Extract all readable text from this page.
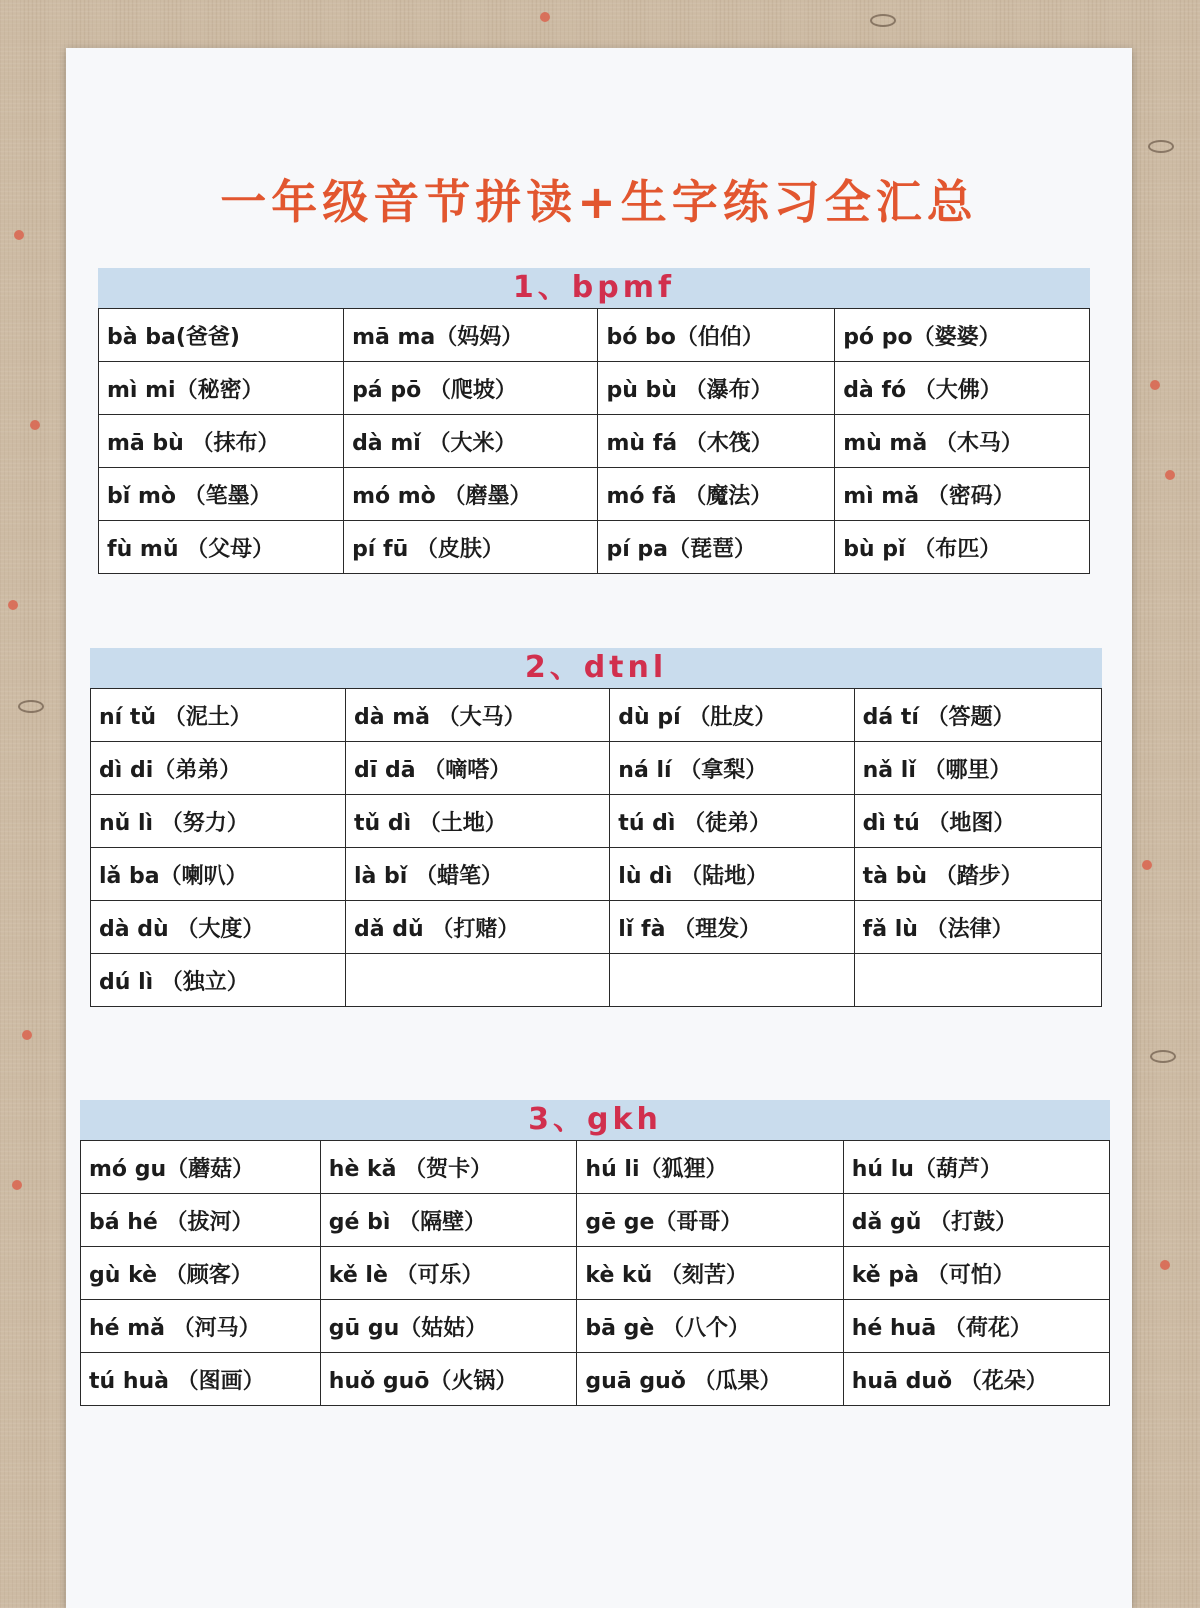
一年级音节拼读+生字练习全汇总
1、bpmf
bà ba(爸爸)	mā ma（妈妈）	bó bo（伯伯）	pó po（婆婆）
mì mi（秘密）	pá pō （爬坡）	pù bù （瀑布）	dà fó （大佛）
mā bù （抹布）	dà mǐ （大米）	mù fá （木筏）	mù mǎ （木马）
bǐ mò （笔墨）	mó mò （磨墨）	mó fǎ （魔法）	mì mǎ （密码）
fù mǔ （父母）	pí fū （皮肤）	pí pa（琵琶）	bù pǐ （布匹）
2、dtnl
ní tǔ （泥土）	dà mǎ （大马）	dù pí （肚皮）	dá tí （答题）
dì di（弟弟）	dī dā （嘀嗒）	ná lí （拿梨）	nǎ lǐ （哪里）
nǔ lì （努力）	tǔ dì （土地）	tú dì （徒弟）	dì tú （地图）
lǎ ba（喇叭）	là bǐ （蜡笔）	lù dì （陆地）	tà bù （踏步）
dà dù （大度）	dǎ dǔ （打赌）	lǐ fà （理发）	fǎ lù （法律）
dú lì （独立）			
3、gkh
mó gu（蘑菇）	hè kǎ （贺卡）	hú li（狐狸）	hú lu（葫芦）
bá hé （拔河）	gé bì （隔壁）	gē ge（哥哥）	dǎ gǔ （打鼓）
gù kè （顾客）	kě lè （可乐）	kè kǔ （刻苦）	kě pà （可怕）
hé mǎ （河马）	gū gu（姑姑）	bā gè （八个）	hé huā （荷花）
tú huà （图画）	huǒ guō（火锅）	guā guǒ （瓜果）	huā duǒ （花朵）
